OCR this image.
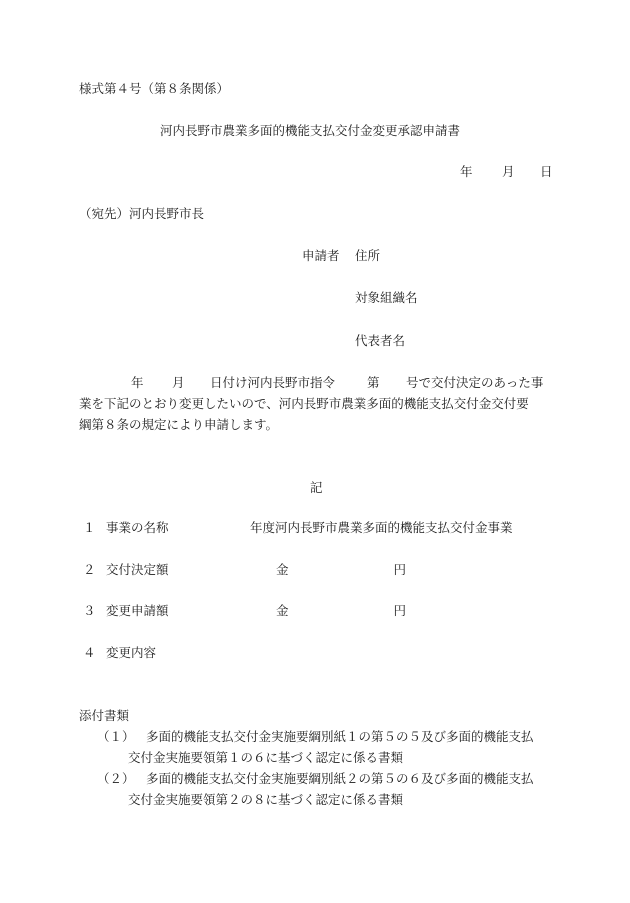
様式第４号（第８条関係）
河内長野市農業多面的機能支払交付金変更承認申請書
年 月 日
（宛先）河内長野市長
申請者 住所
対象組織名
代表者名
年 月 日付け河内長野市指令	第 号で交付決定のあった事
業を下記のとおり変更したいので、河内長野市農業多面的機能支払交付金交付要
綱第８条の規定により申請します。
記
１ 事業の名称	年度河内長野市農業多面的機能支払交付金事業
２ 交付決定額	金	円
３ 変更申請額	金	円
４ 変更内容
添付書類
（１） 多面的機能支払交付金実施要綱別紙１の第５の５及び多面的機能支払
交付金実施要領第１の６に基づく認定に係る書類
（２） 多面的機能支払交付金実施要綱別紙２の第５の６及び多面的機能支払
交付金実施要領第２の８に基づく認定に係る書類
